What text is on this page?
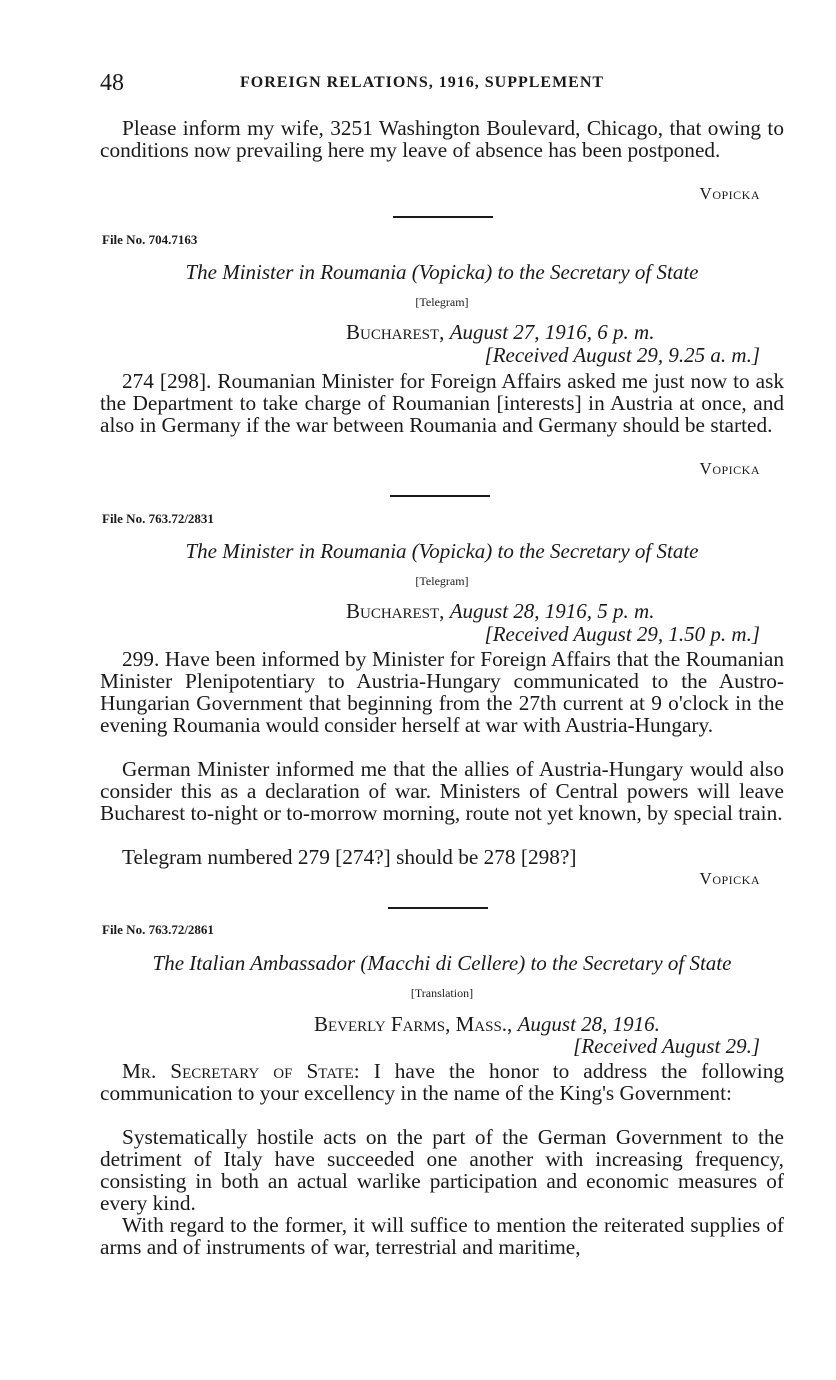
48	FOREIGN RELATIONS, 1916, SUPPLEMENT

Please inform my wife, 3251 Washington Boulevard, Chicago, that owing to conditions now prevailing here my leave of absence has been postponed.

Vopicka
File No. 704.7163
The Minister in Roumania (Vopicka) to the Secretary of State
[Telegram]
Bucharest, August 27, 1916, 6 p. m.
[Received August 29, 9.25 a. m.]

274 [298]. Roumanian Minister for Foreign Affairs asked me just now to ask the Department to take charge of Roumanian [interests] in Austria at once, and also in Germany if the war between Roumania and Germany should be started.

Vopicka
File No. 763.72/2831
The Minister in Roumania (Vopicka) to the Secretary of State
[Telegram]
Bucharest, August 28, 1916, 5 p. m.
[Received August 29, 1.50 p. m.]

299. Have been informed by Minister for Foreign Affairs that the Roumanian Minister Plenipotentiary to Austria-Hungary communicated to the Austro-Hungarian Government that beginning from the 27th current at 9 o'clock in the evening Roumania would consider herself at war with Austria-Hungary.

German Minister informed me that the allies of Austria-Hungary would also consider this as a declaration of war. Ministers of Central powers will leave Bucharest to-night or to-morrow morning, route not yet known, by special train.

Telegram numbered 279 [274?] should be 278 [298?]

Vopicka
File No. 763.72/2861
The Italian Ambassador (Macchi di Cellere) to the Secretary of State
[Translation]
Beverly Farms, Mass., August 28, 1916.
[Received August 29.]

Mr. Secretary of State: I have the honor to address the following communication to your excellency in the name of the King's Government:

Systematically hostile acts on the part of the German Government to the detriment of Italy have succeeded one another with increasing frequency, consisting in both an actual warlike participation and economic measures of every kind.

With regard to the former, it will suffice to mention the reiterated supplies of arms and of instruments of war, terrestrial and maritime,
